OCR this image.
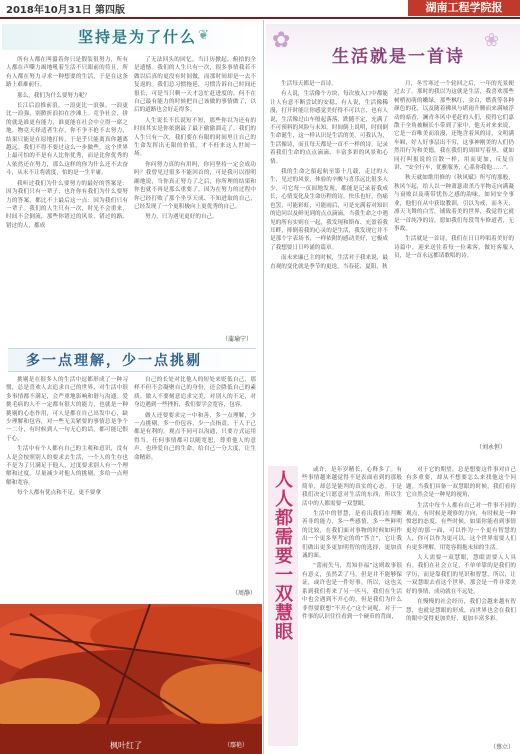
2018年10月31日 第四版	湖南工程学院报
坚持是为了什么 ❦

所有人都在叫嚣着你只是假装很努力，所有人都在声嘶力竭地吼着生活不只眼前的苟且，所有人都在努力寻求一种想要的生活，于是在这条路上艰难前行。

那么，我们为什么要努力呢？

长江后浪推前浪，一浪更比一浪强。一浪更比一浪强，别掀折浪拍在沙滩上。竞争社会，拼的就是谁更有能力，谁更能在社会中立得一席之地。物竞天择适者生存，你不争不抢不去努力，结果只能是在原地打转，于是乎只能离真你越离越远。我们不得不要过这么一步做些，这个世界上最可怕的不是有人比你优秀，而是比你优秀的人依然还在努力，那么这样的你为什么还不去奋斗，从未不让将就度，怕的是一生平庸。

我听过我们为什么要努力的最好的答案是：因为我们只有一辈子，也许你有我们为什么要努力的答案，都比不上最后这一点：因为我们只有一辈子。我们的人生只有一次，时光不会重来，时间不会倒流，那些你错过的风景、错过的路、错过的人，都成

了无法回头的回忆。当日历掀起，俯拾的全是遗憾。我们的人生只有一次，很多事情我若不做以后真的更没有时间做，而那时间却是一去不复返的。我们总习惯拖延，习惯告诉自己时间还很长，可是当只剩一天才急忙赶进度的。何不在自己最有能力的时候把自己该做的事情做了，以后的道路也会好走得多。

人生说长不长说短不短，那些你以为还有的时间其实是你依据最了最下偷偷溜走了。我们的人生只有一次，我们要在有限的时间里让自己的生命发挥出无限的价值，才不枉来这人世间一场。

你问努力真的有用吗，你问坚持一定会成功吗？我曾见过很多不能回首的，可是我可以很明确地说，当你真正努力了之后，你所理的结果和你也就不再是那么重要了，因为在努力的过程中你已经打败了那个坐享天成、不知进取的自己，已经发现了一个更积极向上更优秀的自己。

努力，只为遇见更好的自己。

（蒲瑜宁）
✿
生活就是一首诗
❀

生活每天都是一首诗。

有人说，生活像个方块，每次放入口中都能让人有意不断尝试的安稳，有人说，生活像稀漫，打开时能让你感觉美好得不可以言，也有人说，生活像过山车般起落落，跌随不定，充满了不可预料的风险与未知。时间倒上说明，时间倒生命诞生，这一样认识是生活的美。可我认为，生活像诗，而且每天都是一首不一样的诗，记录着我们生命的点点滴滴、丰富多彩的风景和心情。

我的生命之船起航至第十几载，走过的人生，见过的风景，体验的辛酸与喜乐远比很多人少，可它每一页间地发现，都能是记录着我成长，心情变化及生命历程的诗，快乐也好，伤痛也罢，可能彩虹，可能雨后，可是充满着对知识的追问以及鲜见到的点点滴滴，当我生命之中遇见的所有实则在一起，我发现和斯布、充盈着我耳畔，摔倒着我的心灵的是生活，我发现它并不是那个字表场书，一样依附的感动美好，它极成了我想要日日吟诵的篇章。

而未来廉已主的时候，生活对于我来说，最直观的变化就是季节的更迭，当春花、夏阳，秋

月，冬雪寒过一个轮回之后，一年的光景便过去了，那时的我以为这就是生活，我喜欢那些树梢初萌的嫩绿，那些枫红，金白，燃黄等各种颜色的花，以及随着佛风与堪雨升腾而来满城浮动的暗香，澜青冬风中老赶的人们，使得它们嘉散于全角被橱长小带到了家中，他天对来来说，它是一首唯美而浪漫，还饱含着风的诗，文明满车厢，好人好事层出不穷，这事神刚美的人们仍然用行为和美德，我在我们的周围写着里，就如同打叫报说的宣散一样，用而更加，反复宣讲、“安全行车，优雅服务，心系你我他……”。

秋天就如歌用修的《秋风赋》所写的那般，秋风乍起，给人以一种萧瑟肃杀乃平物走向满凝与衰败以及萌带忧伤之感的韵味，如同安全事业，他们在从中获取教训，引以为戒，而冬天，凛天飞舞的白雪，铺致着美的世界，我觉得它就是一首纯净的诗，愿如我们每段驾车修道者，无事故。

生活就是一首诗，我们在日日吟唱着美好的诗篇中，迎来送往着每一位乘客，做好客服人员，是一首永远都请歌唱的诗。

（刘永恒）
多一点理解，少一点挑剔

挑剔是在很多人的生活中逗都形成了一种习惯，总是喜欢人去追求自己的世界，对生活中很多事情都不满足，会严重地影响和谐与沟通。爱挑毛病的人不一定都有很大的能力，也就是一种挑剔的心态作用，可人是都在自己出发中心，缺少理解和包容，对一些无关紧要的事情总是争个一二分，有时候到人一句无心的话，都可能记恨于心。

生活中有个人都有自己的主观和意识，没有人是会按照别人的要求去生活，一个人的生存也不是为了只满足于他人，过度要求别人有一个理解和过度。尽量减少对他人的挑剔，多给一点理解和宽容。

每个人都有优点和不足，更不要拿

自己的长处对比他人的短处来贬低自己，那样不但不会凝聚自己的身份，还会降低自己的素质。做人不要刻意追求完美，对别人的不足，对身边遇到一些挫折，我们要学会宽容，包容。

做人还要要求完一中和善，多一点理解，少一点挑剔，多一份包容，少一点指责，于人于己都是有利的。观点不同可以沟通，只要方式运用得当，任何事情都可以随宽恕，尊重他人的意声，也珍爱自己的生命，给自己一分大度，让生命精彩。

（周静）
枫叶红了	（鄢艳）
人人都需要一双慧眼	或许，是年岁精长，心释多了。有些事情越来越觉得不是表面看到的那般简单，却总是能判的真实的心态。于是我们决定只愿意对生活的东西，所以生活中的人都需要一双慧眼。

生活中的智慧，是看出我们在判断善非的能力，多一些感情，多一些鲜明的比较，在我们面对事物的时候如何作出一个更多坚考定的的“答言”，它让我们做出更多更加明智的的选择，更加真诚的面。

“蕾雨失马，焉知非福”这则故事很有意义，虽然丢了马，但是并不能够保证，或许也是一件好事，所以，这也关系到我们将来了另一匹马，我们在生活中也会遇到不开心的，但是我们为什么非得要联想”不开心”这个词呢，对于一件事的认识往往看到一个硬币的背面，

对于它的期望，总是想要这件事对自己有多重要，却从不想要怎么来找他这个问题。当我们具备一双慧眼的时候，我们看待它自然会是一种见的视角，

生活中每个人都有自己对一件事不同的观点，有时候是观察的方向，有时候是一种愤怒的态度，有些时候，如果你能看到事情更好的那一面，可以作为一个更有智慧的人，你可以作为更可以，这个世界需要人们有更多理解，用宽容拥抱未知的生活。

人人需要一双慧眼，慧眼需要人人具有。我们在社会立足，不单单靠的是我们的学历，而是靠我们的见识和智慧，所以，让一双慧眼去看这个世界，那会是一件非常美好的事情，成功就在不远处。

在慢慢的社会经历，我们会越来越有智慧，也就是慧眼的形成，而世界也会在我们的眼中变得更加美好，更加丰富多彩。

（蔡立）
